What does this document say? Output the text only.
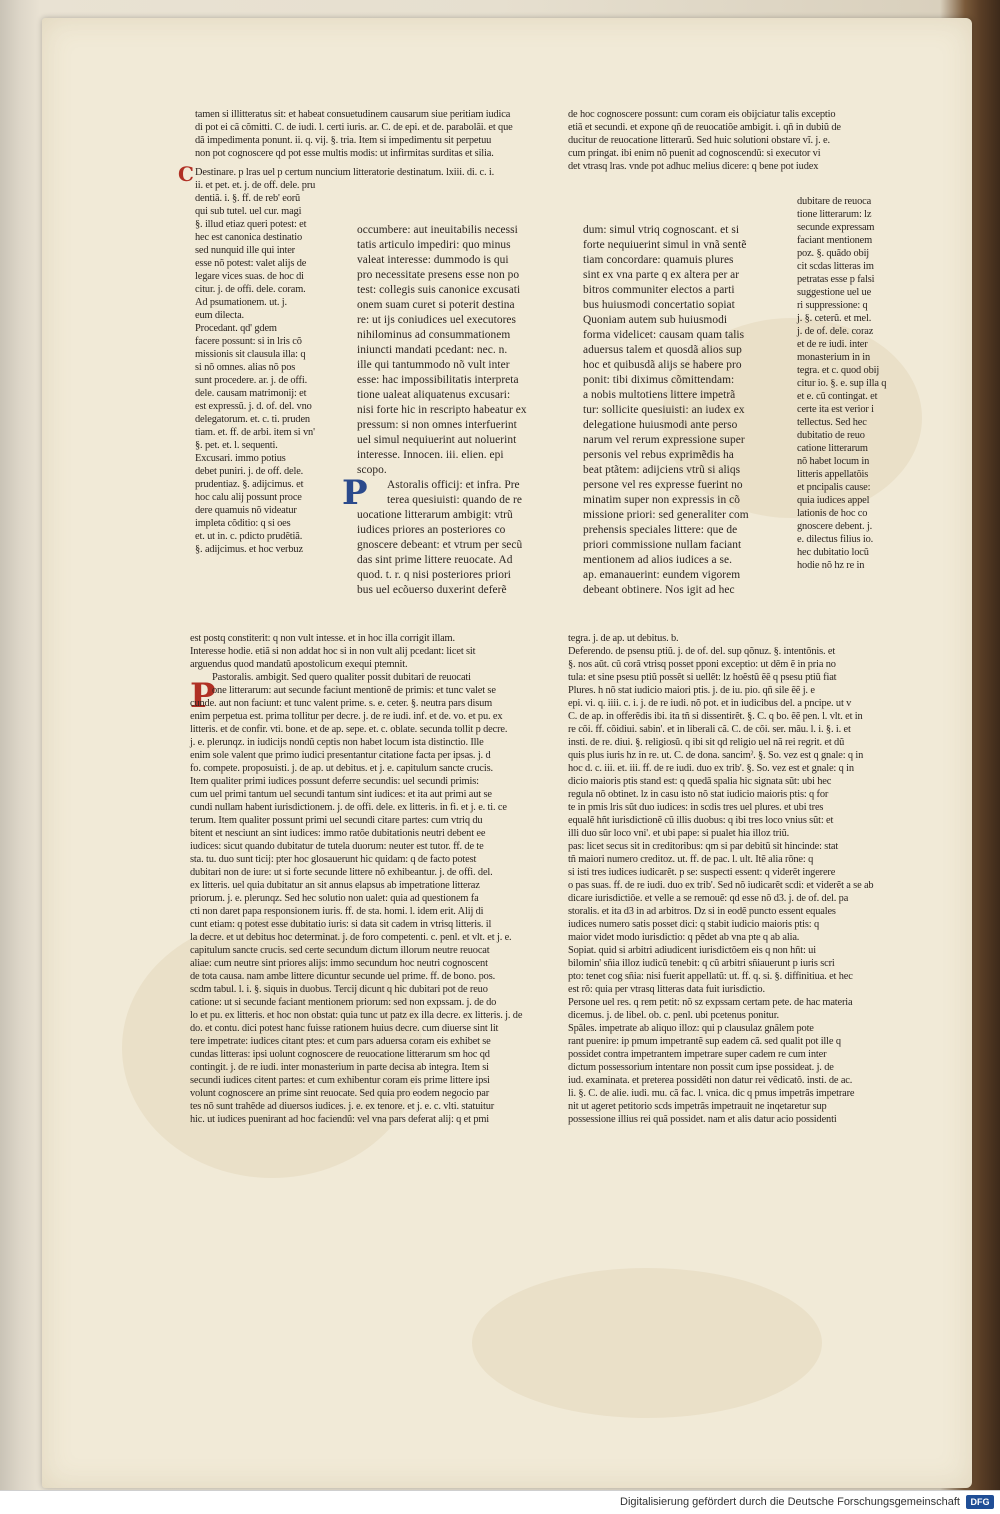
tamen si illitteratus sit: et habeat consuetudinem causarum siue peritiam iudica

di pot ei cã cõmitti. C. de iudi. l. certi iuris. ar. C. de epi. et de. parabolãi. et que

dã impedimenta ponunt. ii. q. vij. §. tria. Item si impedimentu sit perpetuu

non pot cognoscere qd pot esse multis modis: ut infirmitas surditas et silia.

C Destinare. p lras uel p certum nuncium litteratorie destinatum. lxiii. di. c. i.

ii. et pet. et. j. de off. dele. pru

dentiã. i. §. ff. de reb' eorũ

qui sub tutel. uel cur. magi

§. illud etiaz queri potest: et

hec est canonica destinatio

sed nunquid ille qui inter

esse nõ potest: valet alijs de

legare vices suas. de hoc di

citur. j. de offi. dele. coram.

Ad psumationem. ut. j.

eum dilecta.

Procedant. qd' gdem

facere possunt: si in lris cõ

missionis sit clausula illa: q

si nõ omnes. alias nõ pos

sunt procedere. ar. j. de offi.

dele. causam matrimonij: et

est expressũ. j. d. of. del. vno

delegatorum. et. c. ti. pruden

tiam. et. ff. de arbi. item si vn'

§. pet. et. l. sequenti.

Excusari. immo potius

debet puniri. j. de off. dele.

prudentiaz. §. adijcimus. et

hoc calu alij possunt proce

dere quamuis nõ videatur

impleta cõditio: q si oes

et. ut in. c. pdicto prudẽtiã.

§. adijcimus. et hoc verbuz

occumbere: aut ineuitabilis necessi

tatis articulo impediri: quo minus

valeat interesse: dummodo is qui

pro necessitate presens esse non po

test: collegis suis canonice excusati

onem suam curet si poterit destina

re: ut ijs coniudices uel executores

nihilominus ad consummationem

iniuncti mandati pcedant: nec. n.

ille qui tantummodo nõ vult inter

esse: hac impossibilitatis interpreta

tione ualeat aliquatenus excusari:

nisi forte hic in rescripto habeatur ex

pressum: si non omnes interfuerint

uel simul nequiuerint aut noluerint

interesse. Innocen. iii. elien. epi

scopo.

Astoralis officij: et infra. Pre

terea quesiuisti: quando de re

uocatione litterarum ambigit: vtrũ

iudices priores an posteriores co

gnoscere debeant: et vtrum per secũ

das sint prime littere reuocate. Ad

quod. t. r. q nisi posteriores priori

bus uel ecõuerso duxerint deferẽ

P

de hoc cognoscere possunt: cum coram eis obijciatur talis exceptio

etiã et secundi. et expone qñ de reuocatiõe ambigit. i. qñ in dubiũ de

ducitur de reuocatione litterarũ. Sed huic solutioni obstare vĩ. j. e.

cum pringat. ibi enim nõ puenit ad cognoscendũ: si executor vi

det vtrasq lras. vnde pot adhuc melius dicere: q bene pot iudex

dum: simul vtriq cognoscant. et si

forte nequiuerint simul in vnã sentẽ

tiam concordare: quamuis plures

sint ex vna parte q ex altera per ar

bitros communiter electos a parti

bus huiusmodi concertatio sopiat

Quoniam autem sub huiusmodi

forma videlicet: causam quam talis

aduersus talem et quosdã alios sup

hoc et quibusdã alijs se habere pro

ponit: tibi diximus cõmittendam:

a nobis multotiens littere impetrã

tur: sollicite quesiuisti: an iudex ex

delegatione huiusmodi ante perso

narum vel rerum expressione super

personis vel rebus exprimẽdis ha

beat ptãtem: adijciens vtrũ si aliqs

persone vel res expresse fuerint no

minatim super non expressis in cõ

missione priori: sed generaliter com

prehensis speciales littere: que de

priori commissione nullam faciant

mentionem ad alios iudices a se.

ap. emanauerint: eundem vigorem

debeant obtinere. Nos igit ad hec

dubitare de reuoca

tione litterarum: lz

secunde expressam

faciant mentionem

poz. §. quãdo obij

cit scdas litteras im

petratas esse p falsi

suggestione uel ue

ri suppressione: q

j. §. ceterũ. et mel.

j. de of. dele. coraz

et de re iudi. inter

monasterium in in

tegra. et c. quod obij

citur io. §. e. sup illa q

et e. cũ contingat. et

certe ita est verior i

tellectus. Sed hec

dubitatio de reuo

catione litterarum

nõ habet locum in

litteris appellatõis

et pncipalis cause:

quia iudices appel

lationis de hoc co

gnoscere debent. j.

e. dilectus filius io.

hec dubitatio locũ

hodie nõ hz re in

P

est postq constiterit: q non vult intesse. et in hoc illa corrigit illam.

Interesse hodie. etiã si non addat hoc si in non vult alij pcedant: licet sit

arguendus quod mandatũ apostolicum exequi ptemnit.

Pastoralis. ambigit. Sed quero qualiter possit dubitari de reuocati

one litterarum: aut secunde faciunt mentionẽ de primis: et tunc valet se

cunde. aut non faciunt: et tunc valent prime. s. e. ceter. §. neutra pars disum

enim perpetua est. prima tollitur per decre. j. de re iudi. inf. et de. vo. et pu. ex

litteris. et de confir. vti. bone. et de ap. sepe. et. c. oblate. secunda tollit p decre.

j. e. plerunqz. in iudicijs nondũ ceptis non habet locum ista distinctio. Ille

enim sole valent que primo iudici presentantur citatione facta per ipsas. j. d

fo. compete. proposuisti. j. de ap. ut debitus. et j. e. capitulum sancte crucis.

Item qualiter primi iudices possunt deferre secundis: uel secundi primis:

cum uel primi tantum uel secundi tantum sint iudices: et ita aut primi aut se

cundi nullam habent iurisdictionem. j. de offi. dele. ex litteris. in fi. et j. e. ti. ce

terum. Item qualiter possunt primi uel secundi citare partes: cum vtriq du

bitent et nesciunt an sint iudices: immo ratõe dubitationis neutri debent ee

iudices: sicut quando dubitatur de tutela duorum: neuter est tutor. ff. de te

sta. tu. duo sunt ticij: pter hoc glosauerunt hic quidam: q de facto potest

dubitari non de iure: ut si forte secunde littere nõ exhibeantur. j. de offi. del.

ex litteris. uel quia dubitatur an sit annus elapsus ab impetratione litteraz

priorum. j. e. plerunqz. Sed hec solutio non ualet: quia ad questionem fa

cti non daret papa responsionem iuris. ff. de sta. homi. l. idem erit. Alij di

cunt etiam: q potest esse dubitatio iuris: si data sit cadem in vtrisq litteris. il

la decre. et ut debitus hoc determinat. j. de foro competenti. c. penl. et vlt. et j. e.

capitulum sancte crucis. sed certe secundum dictum illorum neutre reuocat

aliae: cum neutre sint priores alijs: immo secundum hoc neutri cognoscent

de tota causa. nam ambe littere dicuntur secunde uel prime. ff. de bono. pos.

scdm tabul. l. i. §. siquis in duobus. Tercij dicunt q hic dubitari pot de reuo

catione: ut si secunde faciant mentionem priorum: sed non expssam. j. de do

lo et pu. ex litteris. et hoc non obstat: quia tunc ut patz ex illa decre. ex litteris. j. de

do. et contu. dici potest hanc fuisse rationem huius decre. cum diuerse sint lit

tere impetrate: iudices citant ptes: et cum pars aduersa coram eis exhibet se

cundas litteras: ipsi uolunt cognoscere de reuocatione litterarum sm hoc qd

contingit. j. de re iudi. inter monasterium in parte decisa ab integra. Item si

secundi iudices citent partes: et cum exhibentur coram eis prime littere ipsi

volunt cognoscere an prime sint reuocate. Sed quia pro eodem negocio par

tes nõ sunt trahẽde ad diuersos iudices. j. e. ex tenore. et j. e. c. vlti. statuitur

hic. ut iudices puenirant ad hoc faciendũ: vel vna pars deferat alij: q et pmi

tegra. j. de ap. ut debitus. b.

Deferendo. de psensu ptiũ. j. de of. del. sup qõnuz. §. intentõnis. et

§. nos aũt. cũ corã vtrisq posset pponi exceptio: ut dẽm ẽ in pria no

tula: et sine psesu ptiũ possẽt si uellẽt: lz hoẽstũ ẽẽ q psesu ptiũ fiat

Plures. h nõ stat iudicio maiori ptis. j. de iu. pio. qñ sile ẽẽ j. e

epi. vi. q. iiii. c. i. j. de re iudi. nõ pot. et in iudicibus del. a pncipe. ut v

C. de ap. in offerẽdis ibi. ita tñ si dissentirẽt. §. C. q bo. ẽẽ pen. l. vlt. et in

re cõi. ff. cõidiui. sabin'. et in liberali cã. C. de cõi. ser. mãu. l. i. §. i. et

insti. de re. diui. §. religiosũ. q ibi sit qd religio uel nã rei regrit. et dũ

quis plus iuris hz in re. ut. C. de dona. sancimˀ. §. So. vez est q gnale: q in

hoc d. c. iii. et. iii. ff. de re iudi. duo ex trib'. §. So. vez est et gnale: q in

dicio maioris ptis stand est: q quedã spalia hic signata sũt: ubi hec

regula nõ obtinet. lz in casu isto nõ stat iudicio maioris ptis: q for

te in pmis lris sũt duo iudices: in scdis tres uel plures. et ubi tres

equalẽ hñt iurisdictionẽ cũ illis duobus: q ibi tres loco vnius sũt: et

illi duo sũr loco vni'. et ubi pape: si pualet hia illoz triũ.

pas: licet secus sit in creditoribus: qm si par debitũ sit hincinde: stat

tñ maiori numero creditoz. ut. ff. de pac. l. ult. Itẽ alia rõne: q

si isti tres iudices iudicarẽt. p se: suspecti essent: q viderẽt ingerere

o pas suas. ff. de re iudi. duo ex trib'. Sed nõ iudicarẽt scdi: et viderẽt a se ab

dicare iurisdictiõe. et velle a se remouẽ: qd esse nõ d3. j. de of. del. pa

storalis. et ita d3 in ad arbitros. Dz si in eodẽ puncto essent equales

iudices numero satis posset dici: q stabit iudicio maioris ptis: q

maior videt modo iurisdictio: q pẽdet ab vna pte q ab alia.

Sopiat. quid si arbitri adiudicent iurisdictõem eis q non hñt: ui

bilomin' sñia illoz iudicũ tenebit: q cũ arbitri sñiauerunt p iuris scri

pto: tenet cog sñia: nisi fuerit appellatũ: ut. ff. q. si. §. diffinitiua. et hec

est rõ: quia per vtrasq litteras data fuit iurisdictio.

Persone uel res. q rem petit: nõ sz expssam certam pete. de hac materia

dicemus. j. de libel. ob. c. penl. ubi pcetenus ponitur.

Spãles. impetrate ab aliquo illoz: qui p clausulaz gnãlem pote

rant puenire: ip pmum impetrantẽ sup eadem cã. sed qualit pot ille q

possidet contra impetrantem impetrare super cadem re cum inter

dictum possessorium intentare non possit cum ipse possideat. j. de

iud. examinata. et preterea possidẽti non datur rei vẽdicatõ. insti. de ac.

li. §. C. de alie. iudi. mu. cã fac. l. vnica. dic q pmus impetrãs impetrare

nit ut ageret petitorio scds impetrãs impetrauit ne inqetaretur sup

possessione illius rei quã possidet. nam et alis datur acio possidenti

Digitalisierung gefördert durch die Deutsche Forschungsgemeinschaft	DFG
